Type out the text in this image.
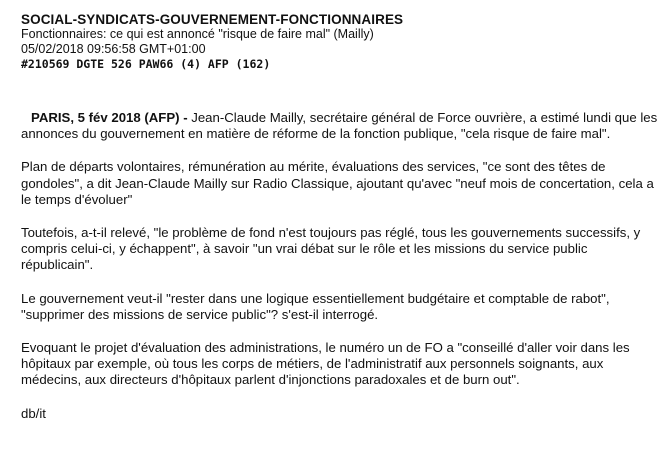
SOCIAL-SYNDICATS-GOUVERNEMENT-FONCTIONNAIRES
Fonctionnaires: ce qui est annoncé "risque de faire mal" (Mailly)
05/02/2018 09:56:58 GMT+01:00
#210569 DGTE 526 PAW66 (4) AFP (162)

PARIS, 5 fév 2018 (AFP) - Jean-Claude Mailly, secrétaire général de Force ouvrière, a estimé lundi que les annonces du gouvernement en matière de réforme de la fonction publique, "cela risque de faire mal".

Plan de départs volontaires, rémunération au mérite, évaluations des services, "ce sont des têtes de gondoles", a dit Jean-Claude Mailly sur Radio Classique, ajoutant qu'avec "neuf mois de concertation, cela a le temps d'évoluer"

Toutefois, a-t-il relevé, "le problème de fond n'est toujours pas réglé, tous les gouvernements successifs, y compris celui-ci, y échappent", à savoir "un vrai débat sur le rôle et les missions du service public républicain".

Le gouvernement veut-il "rester dans une logique essentiellement budgétaire et comptable de rabot", "supprimer des missions de service public"? s'est-il interrogé.

Evoquant le projet d'évaluation des administrations, le numéro un de FO a "conseillé d'aller voir dans les hôpitaux par exemple, où tous les corps de métiers, de l'administratif aux personnels soignants, aux médecins, aux directeurs d'hôpitaux parlent d'injonctions paradoxales et de burn out".

db/it
